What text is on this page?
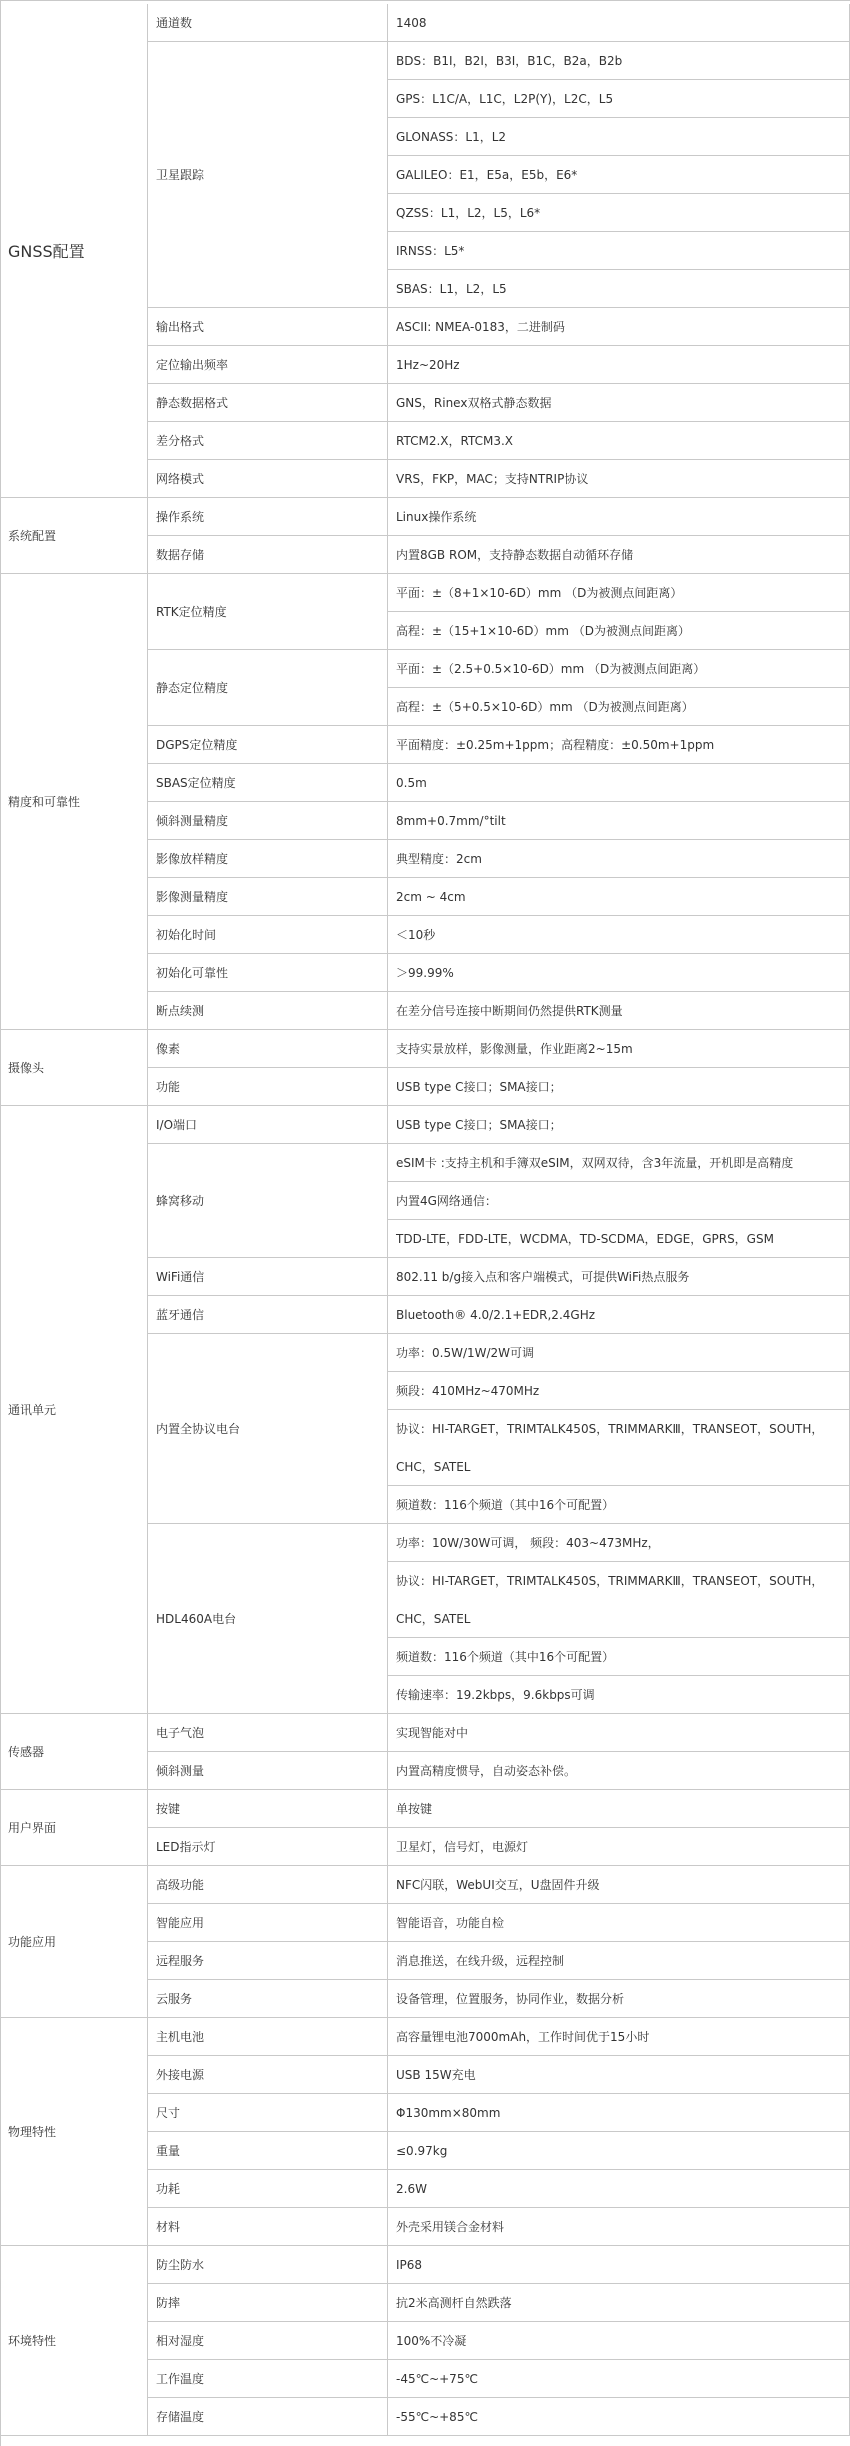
1408
通道数
BDS：B1I，B2I，B3I，B1C，B2a，B2b
GPS：L1C/A，L1C，L2P(Y)，L2C，L5
GLONASS：L1，L2
GALILEO：E1，E5a，E5b，E6*
QZSS：L1，L2，L5，L6*
IRNSS：L5*
SBAS：L1，L2，L5
卫星跟踪
ASCII: NMEA-0183，二进制码
输出格式
1Hz~20Hz
定位输出频率
GNS，Rinex双格式静态数据
静态数据格式
RTCM2.X，RTCM3.X
差分格式
VRS，FKP，MAC；支持NTRIP协议
网络模式
GNSS配置
Linux操作系统
操作系统
内置8GB ROM，支持静态数据自动循环存储
数据存储
系统配置
平面：±（8+1×10-6D）mm （D为被测点间距离）
高程：±（15+1×10-6D）mm （D为被测点间距离）
RTK定位精度
平面：±（2.5+0.5×10-6D）mm （D为被测点间距离）
高程：±（5+0.5×10-6D）mm （D为被测点间距离）
静态定位精度
平面精度：±0.25m+1ppm；高程精度：±0.50m+1ppm
DGPS定位精度
0.5m
SBAS定位精度
8mm+0.7mm/°tilt
倾斜测量精度
典型精度：2cm
影像放样精度
2cm ~ 4cm
影像测量精度
＜10秒
初始化时间
＞99.99%
初始化可靠性
在差分信号连接中断期间仍然提供RTK测量
断点续测
精度和可靠性
支持实景放样，影像测量，作业距离2~15m
像素
USB type C接口；SMA接口；
功能
摄像头
USB type C接口；SMA接口；
I/O端口
eSIM卡 :支持主机和手簿双eSIM，双网双待，含3年流量，开机即是高精度
内置4G网络通信：
TDD-LTE，FDD-LTE，WCDMA，TD-SCDMA，EDGE，GPRS，GSM
蜂窝移动
802.11 b/g接入点和客户端模式，可提供WiFi热点服务
WiFi通信
Bluetooth® 4.0/2.1+EDR,2.4GHz
蓝牙通信
功率：0.5W/1W/2W可调
频段：410MHz~470MHz
协议：HI-TARGET，TRIMTALK450S，TRIMMARKⅢ，TRANSEOT，SOUTH，CHC，SATEL
频道数：116个频道（其中16个可配置）
内置全协议电台
功率：10W/30W可调， 频段：403~473MHz，
协议：HI-TARGET，TRIMTALK450S，TRIMMARKⅢ，TRANSEOT，SOUTH，CHC，SATEL
频道数：116个频道（其中16个可配置）
传输速率：19.2kbps，9.6kbps可调
HDL460A电台
通讯单元
实现智能对中
电子气泡
内置高精度惯导，自动姿态补偿。
倾斜测量
传感器
单按键
按键
卫星灯，信号灯，电源灯
LED指示灯
用户界面
NFC闪联，WebUI交互，U盘固件升级
高级功能
智能语音，功能自检
智能应用
消息推送，在线升级，远程控制
远程服务
设备管理，位置服务，协同作业，数据分析
云服务
功能应用
高容量锂电池7000mAh，工作时间优于15小时
主机电池
USB 15W充电
外接电源
Φ130mm×80mm
尺寸
≤0.97kg
重量
2.6W
功耗
外壳采用镁合金材料
材料
物理特性
IP68
防尘防水
抗2米高测杆自然跌落
防摔
100%不冷凝
相对湿度
-45℃~+75℃
工作温度
-55℃~+85℃
存储温度
环境特性
